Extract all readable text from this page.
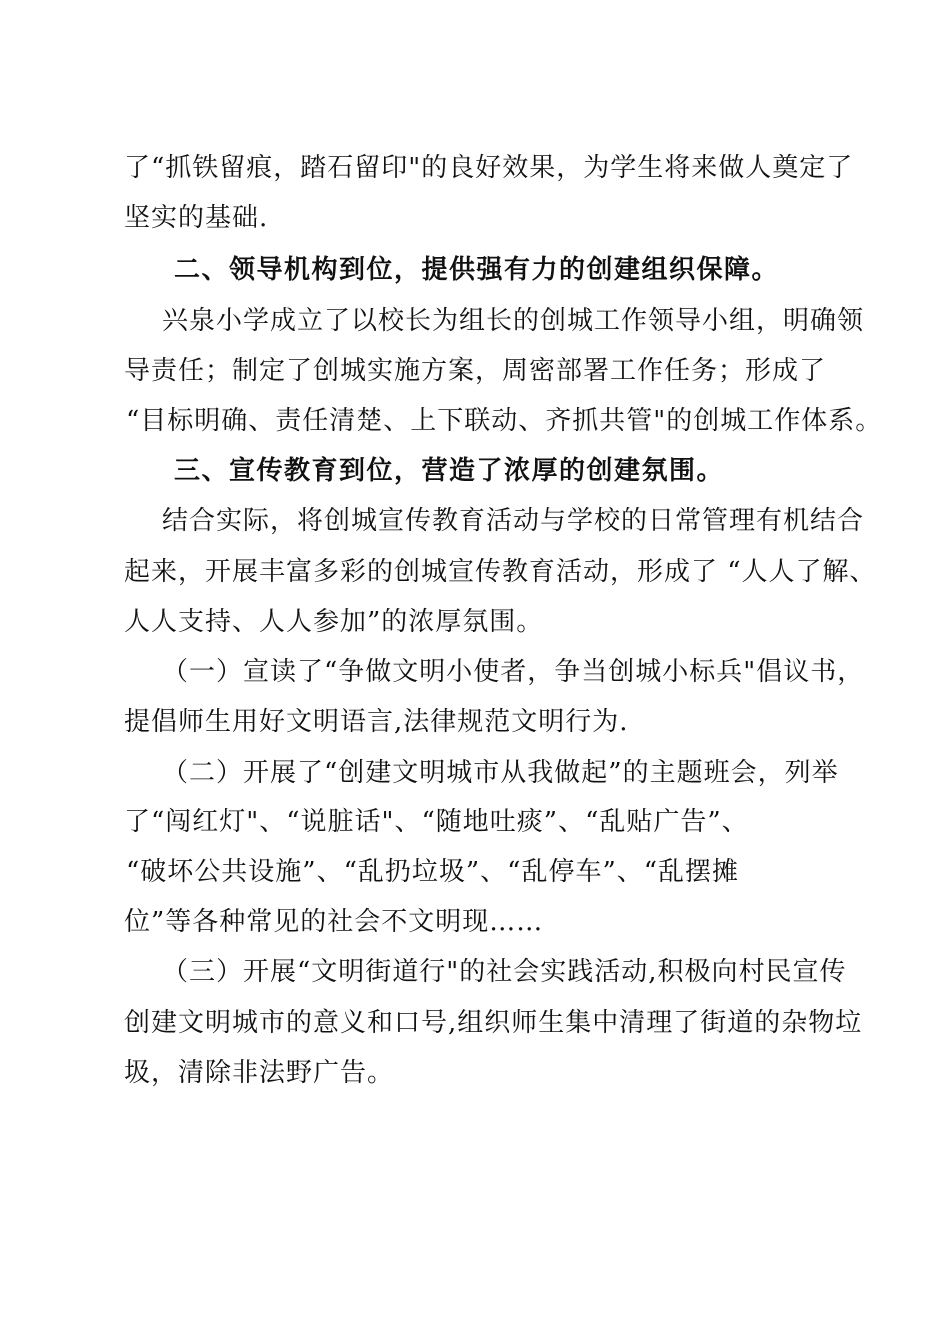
了“抓铁留痕，踏石留印"的良好效果，为学生将来做人奠定了
坚实的基础.
二、领导机构到位，提供强有力的创建组织保障。
兴泉小学成立了以校长为组长的创城工作领导小组，明确领
导责任；制定了创城实施方案，周密部署工作任务；形成了
“目标明确、责任清楚、上下联动、齐抓共管"的创城工作体系。
三、宣传教育到位，营造了浓厚的创建氛围。
结合实际，将创城宣传教育活动与学校的日常管理有机结合
起来，开展丰富多彩的创城宣传教育活动，形成了 “人人了解、
人人支持、人人参加”的浓厚氛围。
（一）宣读了“争做文明小使者，争当创城小标兵"倡议书，
提倡师生用好文明语言,法律规范文明行为.
（二）开展了“创建文明城市从我做起”的主题班会，列举
了“闯红灯"、“说脏话"、“随地吐痰”、“乱贴广告”、
“破坏公共设施”、“乱扔垃圾”、“乱停车”、“乱摆摊
位”等各种常见的社会不文明现……
（三）开展“文明街道行"的社会实践活动,积极向村民宣传
创建文明城市的意义和口号,组织师生集中清理了街道的杂物垃
圾，清除非法野广告。
